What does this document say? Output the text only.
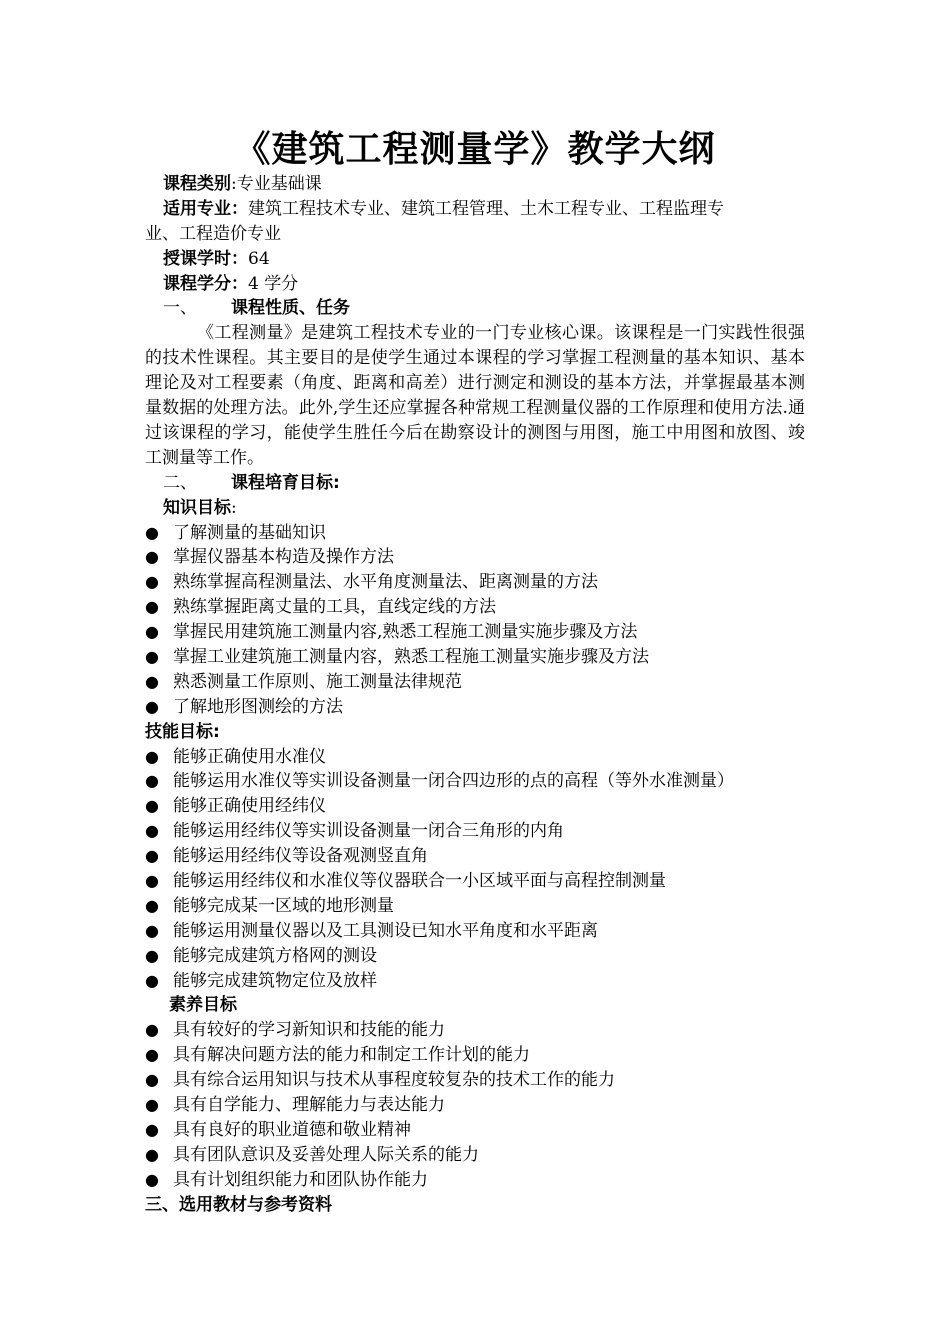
《建筑工程测量学》教学大纲
课程类别:专业基础课
适用专业：建筑工程技术专业、建筑工程管理、土木工程专业、工程监理专
业、工程造价专业
授课学时：64
课程学分：4 学分
一、 课程性质、任务
《工程测量》是建筑工程技术专业的一门专业核心课。该课程是一门实践性很强的技术性课程。其主要目的是使学生通过本课程的学习掌握工程测量的基本知识、基本理论及对工程要素（角度、距离和高差）进行测定和测设的基本方法，并掌握最基本测量数据的处理方法。此外,学生还应掌握各种常规工程测量仪器的工作原理和使用方法.通过该课程的学习，能使学生胜任今后在勘察设计的测图与用图，施工中用图和放图、竣工测量等工作。
二、 课程培育目标:
知识目标:
● 了解测量的基础知识
● 掌握仪器基本构造及操作方法
● 熟练掌握高程测量法、水平角度测量法、距离测量的方法
● 熟练掌握距离丈量的工具，直线定线的方法
● 掌握民用建筑施工测量内容,熟悉工程施工测量实施步骤及方法
● 掌握工业建筑施工测量内容，熟悉工程施工测量实施步骤及方法
● 熟悉测量工作原则、施工测量法律规范
● 了解地形图测绘的方法
技能目标:
● 能够正确使用水准仪
● 能够运用水准仪等实训设备测量一闭合四边形的点的高程（等外水准测量）
● 能够正确使用经纬仪
● 能够运用经纬仪等实训设备测量一闭合三角形的内角
● 能够运用经纬仪等设备观测竖直角
● 能够运用经纬仪和水准仪等仪器联合一小区域平面与高程控制测量
● 能够完成某一区域的地形测量
● 能够运用测量仪器以及工具测设已知水平角度和水平距离
● 能够完成建筑方格网的测设
● 能够完成建筑物定位及放样
素养目标
● 具有较好的学习新知识和技能的能力
● 具有解决问题方法的能力和制定工作计划的能力
● 具有综合运用知识与技术从事程度较复杂的技术工作的能力
● 具有自学能力、理解能力与表达能力
● 具有良好的职业道德和敬业精神
● 具有团队意识及妥善处理人际关系的能力
● 具有计划组织能力和团队协作能力
三、选用教材与参考资料
